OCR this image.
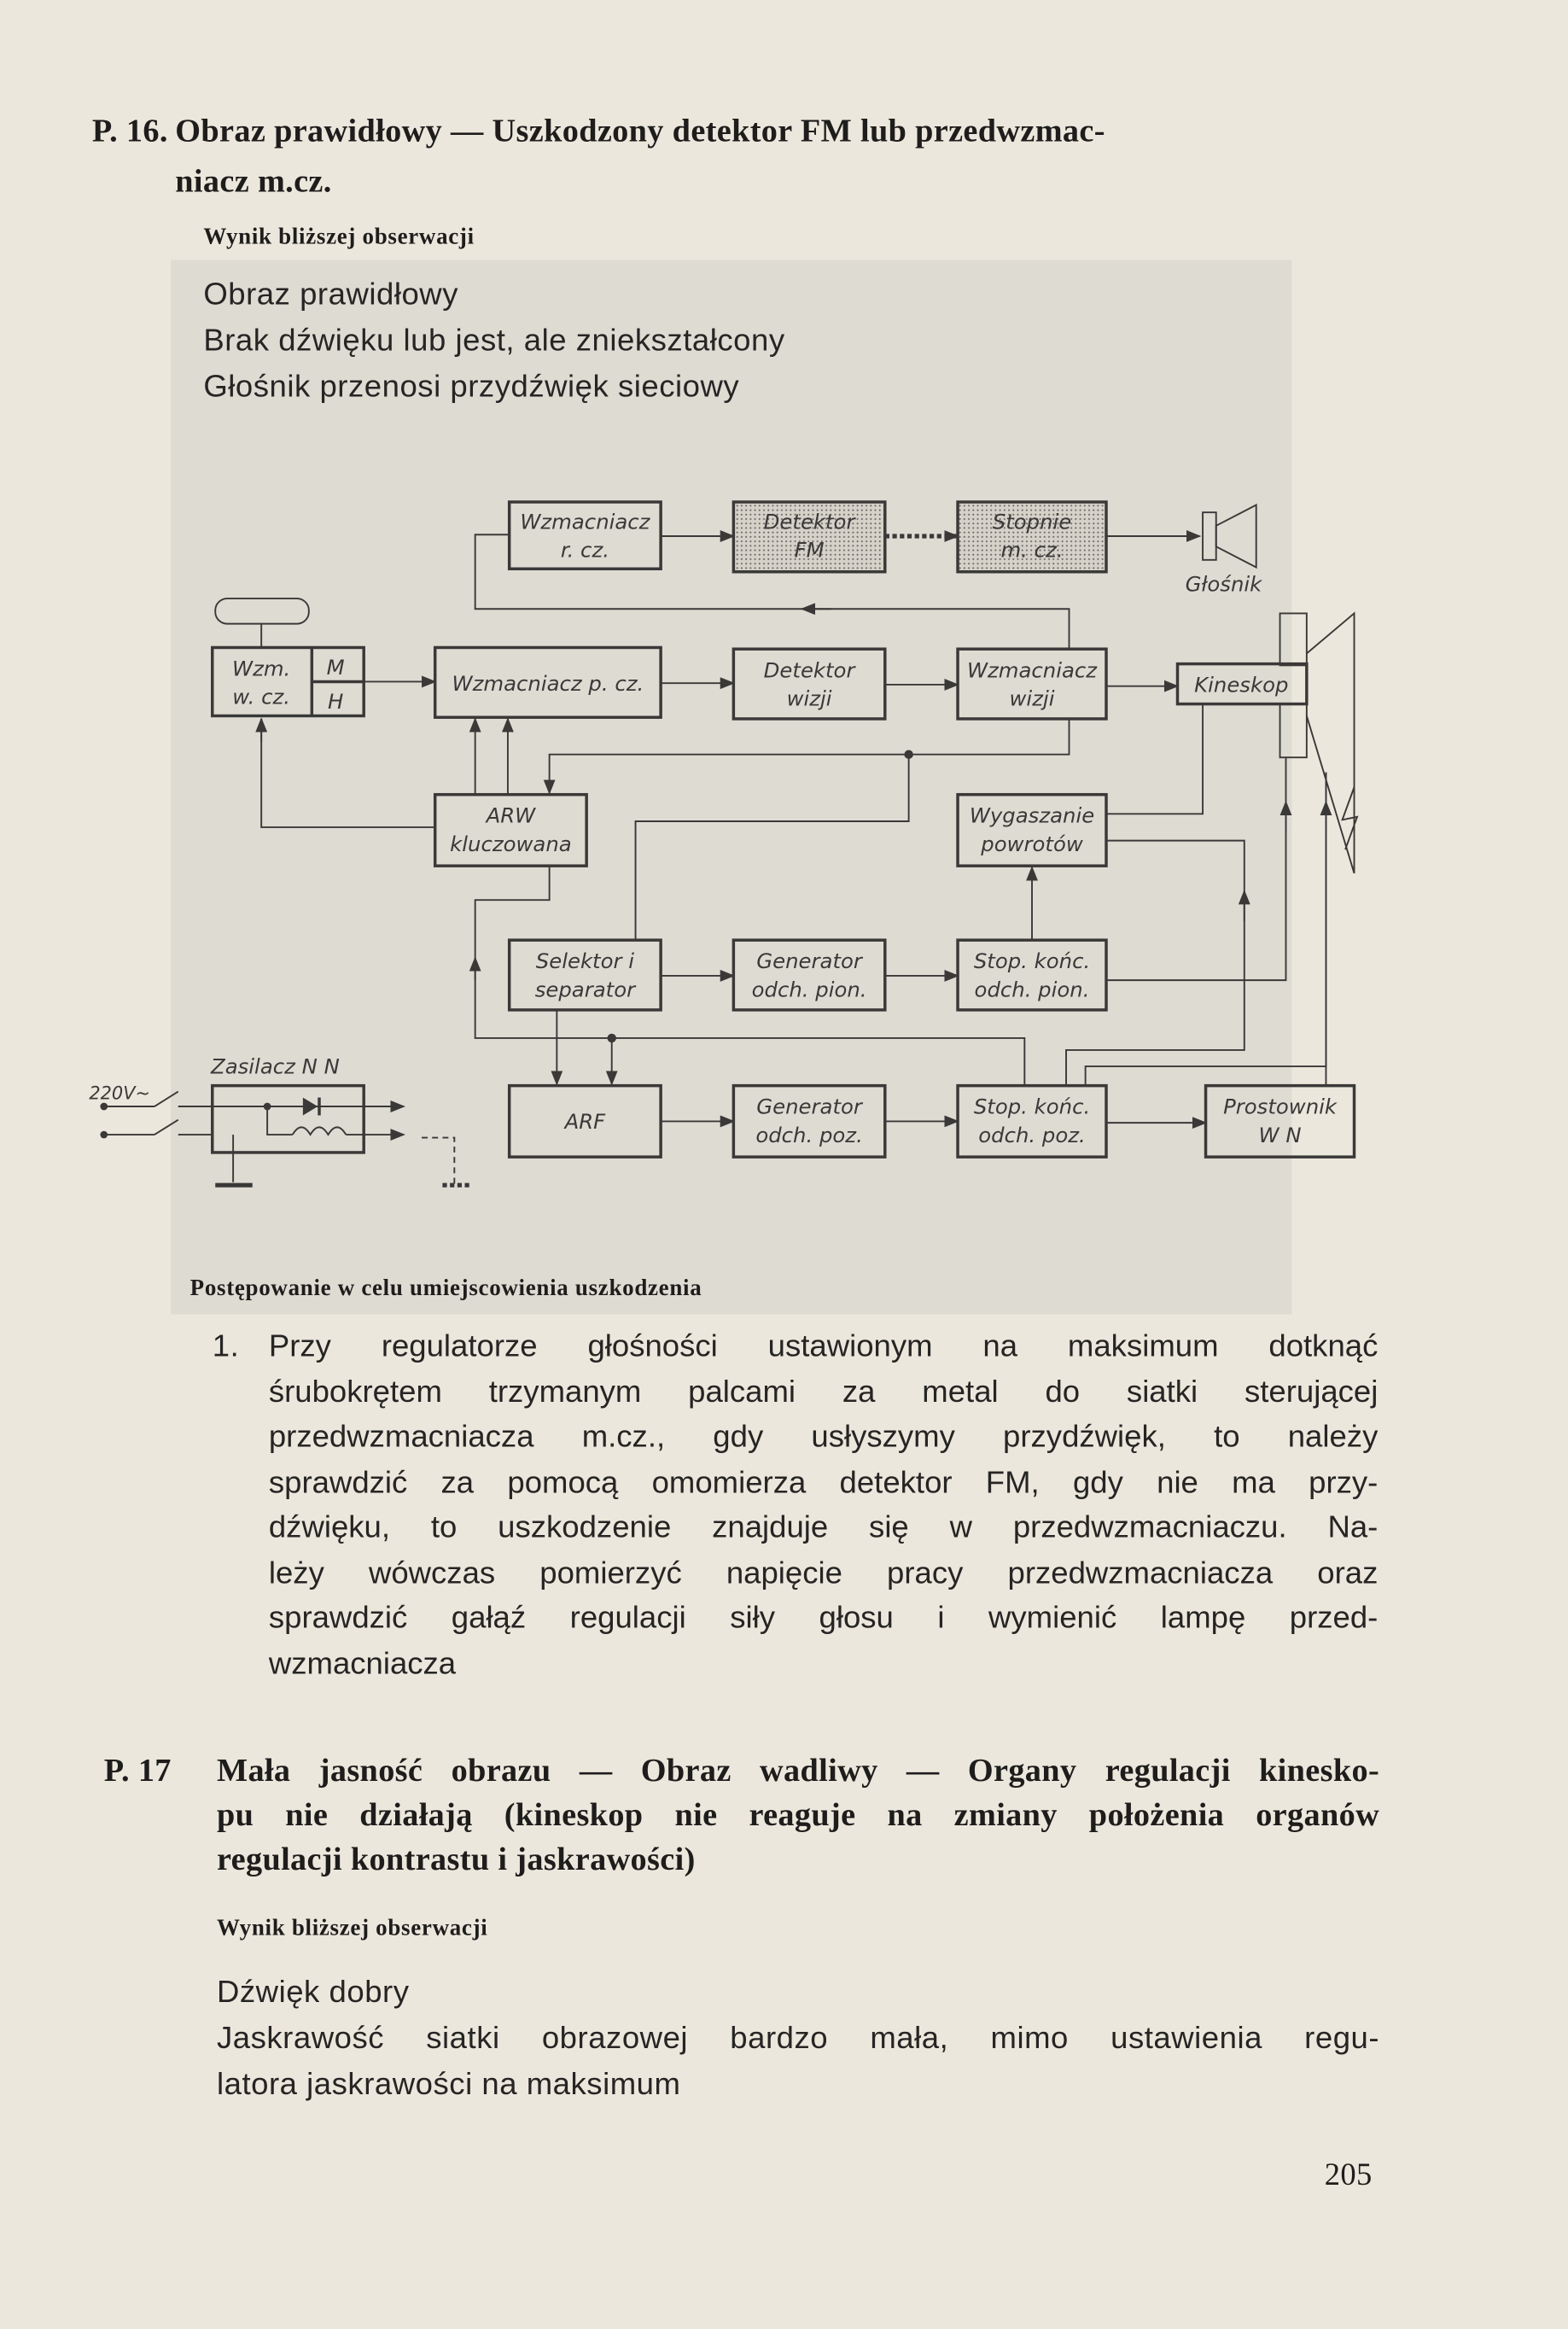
P. 16. Obraz prawidłowy — Uszkodzony detektor FM lub przedwzmac-
niacz m.cz.
Wynik bliższej obserwacji
Obraz prawidłowy
Brak dźwięku lub jest, ale zniekształcony
Głośnik przenosi przydźwięk sieciowy
Wzmacniacz
r. cz.
Detektor
FM
Stopnie
m. cz.
Wzm.
w. cz.
M
H
Wzmacniacz p. cz.
Detektor
wizji
Wzmacniacz
wizji
Kineskop
ARW
kluczowana
Wygaszanie
powrotów
Selektor i
separator
Generator
odch. pion.
Stop. końc.
odch. pion.
ARF
Generator
odch. poz.
Stop. końc.
odch. poz.
Prostownik
W N
Głośnik
Zasilacz N N
220V~
Postępowanie w celu umiejscowienia uszkodzenia
1. Przy regulatorze głośności ustawionym na maksimum dotknąć
śrubokrętem trzymanym palcami za metal do siatki sterującej
przedwzmacniacza m.cz., gdy usłyszymy przydźwięk, to należy
sprawdzić za pomocą omomierza detektor FM, gdy nie ma przy-
dźwięku, to uszkodzenie znajduje się w przedwzmacniaczu. Na-
leży wówczas pomierzyć napięcie pracy przedwzmacniacza oraz
sprawdzić gałąź regulacji siły głosu i wymienić lampę przed-
wzmacniacza
P. 17 Mała jasność obrazu — Obraz wadliwy — Organy regulacji kinesko-
pu nie działają (kineskop nie reaguje na zmiany położenia organów
regulacji kontrastu i jaskrawości)
Wynik bliższej obserwacji
Dźwięk dobry
Jaskrawość siatki obrazowej bardzo mała, mimo ustawienia regu-
latora jaskrawości na maksimum
205
